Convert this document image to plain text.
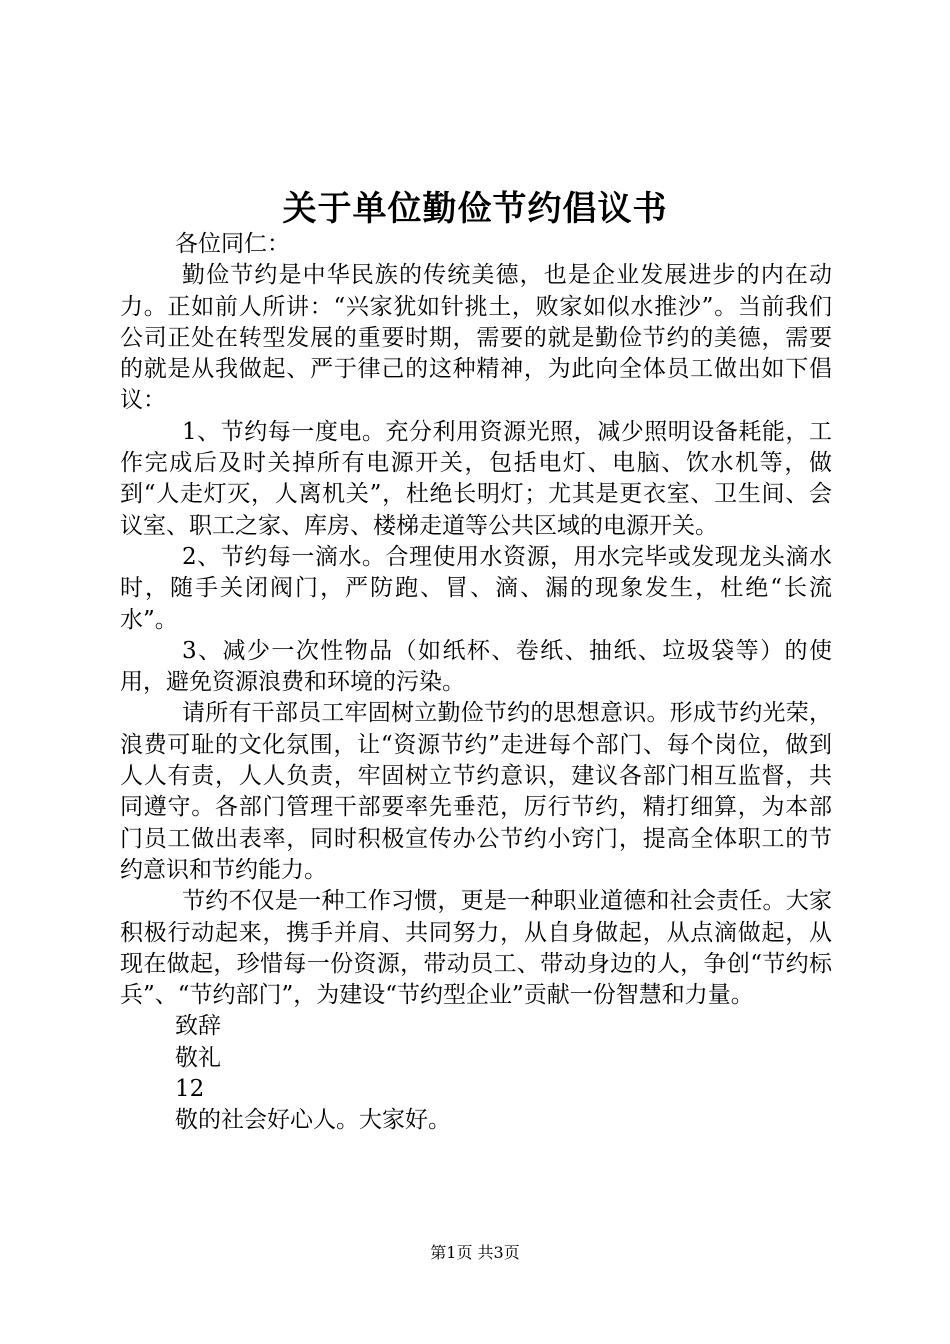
关于单位勤俭节约倡议书

各位同仁：

勤俭节约是中华民族的传统美德，也是企业发展进步的内在动力。正如前人所讲：“兴家犹如针挑土，败家如似水推沙”。当前我们公司正处在转型发展的重要时期，需要的就是勤俭节约的美德，需要的就是从我做起、严于律己的这种精神，为此向全体员工做出如下倡议：

1、节约每一度电。充分利用资源光照，减少照明设备耗能，工作完成后及时关掉所有电源开关，包括电灯、电脑、饮水机等，做到“人走灯灭，人离机关”，杜绝长明灯；尤其是更衣室、卫生间、会议室、职工之家、库房、楼梯走道等公共区域的电源开关。

2、节约每一滴水。合理使用水资源，用水完毕或发现龙头滴水时，随手关闭阀门，严防跑、冒、滴、漏的现象发生，杜绝“长流水”。

3、减少一次性物品（如纸杯、卷纸、抽纸、垃圾袋等）的使用，避免资源浪费和环境的污染。

请所有干部员工牢固树立勤俭节约的思想意识。形成节约光荣，浪费可耻的文化氛围，让“资源节约”走进每个部门、每个岗位，做到人人有责，人人负责，牢固树立节约意识，建议各部门相互监督，共同遵守。各部门管理干部要率先垂范，厉行节约，精打细算，为本部门员工做出表率，同时积极宣传办公节约小窍门，提高全体职工的节约意识和节约能力。

节约不仅是一种工作习惯，更是一种职业道德和社会责任。大家积极行动起来，携手并肩、共同努力，从自身做起，从点滴做起，从现在做起，珍惜每一份资源，带动员工、带动身边的人，争创“节约标兵”、“节约部门”，为建设“节约型企业”贡献一份智慧和力量。

致辞

敬礼

12

敬的社会好心人。大家好。

第1页 共3页
